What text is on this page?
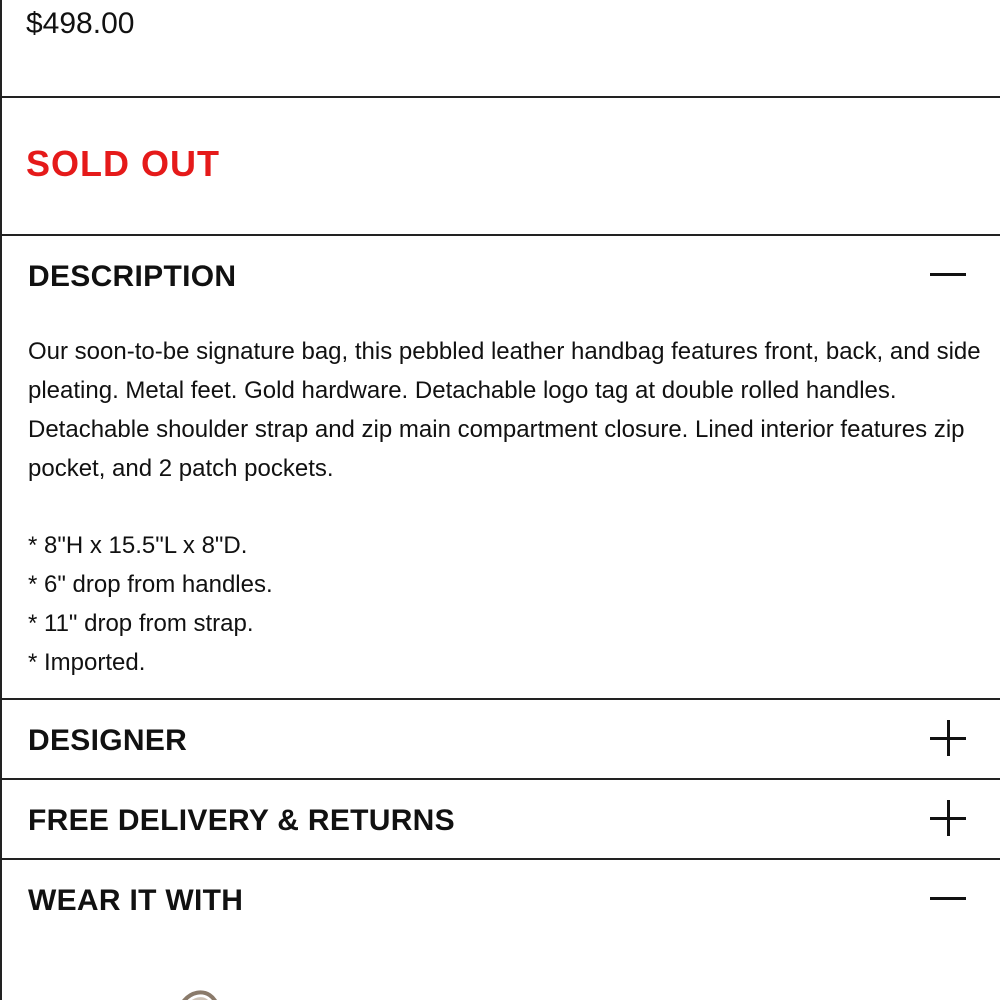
$498.00
SOLD OUT
DESCRIPTION

Our soon-to-be signature bag, this pebbled leather handbag features front, back, and side pleating. Metal feet. Gold hardware. Detachable logo tag at double rolled handles. Detachable shoulder strap and zip main compartment closure. Lined interior features zip pocket, and 2 patch pockets.

* 8"H x 15.5"L x 8"D.
* 6" drop from handles.
* 11" drop from strap.
* Imported.
DESIGNER
FREE DELIVERY & RETURNS
WEAR IT WITH
